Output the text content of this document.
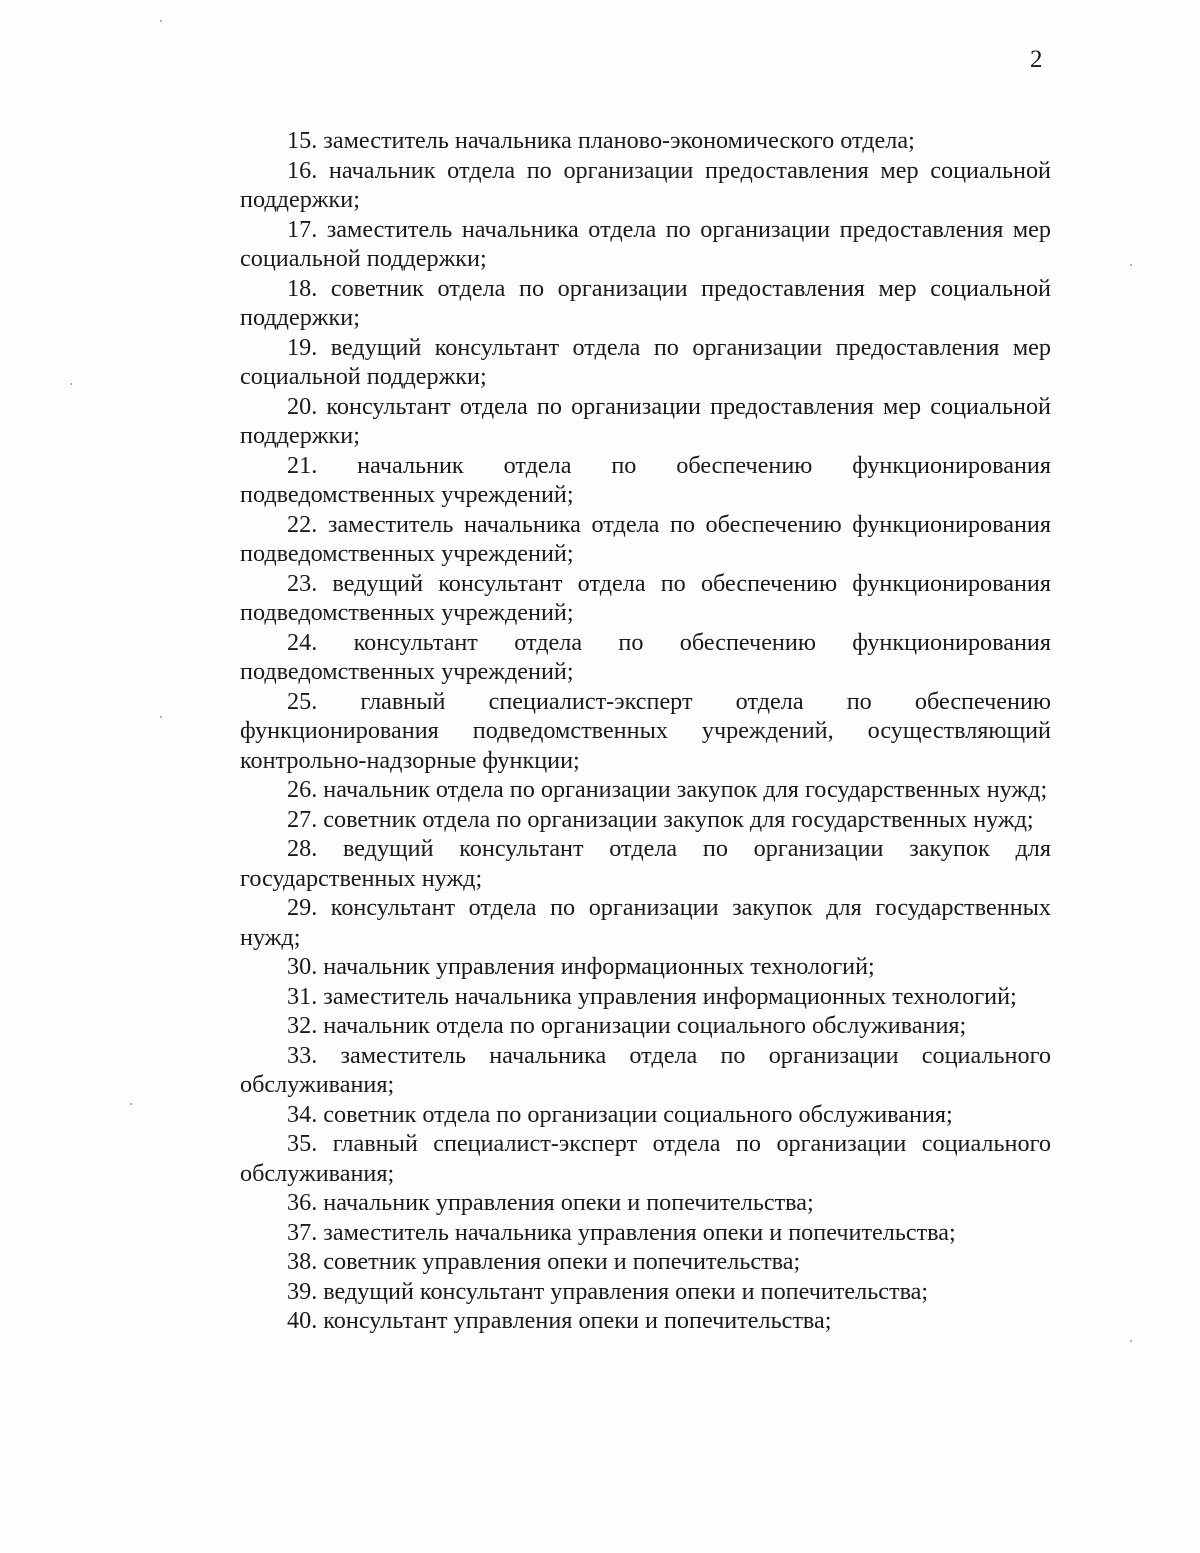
2

15. заместитель начальника планово-экономического отдела;

16. начальник отдела по организации предоставления мер социальной поддержки;

17. заместитель начальника отдела по организации предоставления мер социальной поддержки;

18. советник отдела по организации предоставления мер социальной поддержки;

19. ведущий консультант отдела по организации предоставления мер социальной поддержки;

20. консультант отдела по организации предоставления мер социальной поддержки;

21. начальник отдела по обеспечению функционирования подведомственных учреждений;

22. заместитель начальника отдела по обеспечению функционирования подведомственных учреждений;

23. ведущий консультант отдела по обеспечению функционирования подведомственных учреждений;

24. консультант отдела по обеспечению функционирования подведомственных учреждений;

25. главный специалист-эксперт отдела по обеспечению функционирования подведомственных учреждений, осуществляющий контрольно-надзорные функции;

26. начальник отдела по организации закупок для государственных нужд;

27. советник отдела по организации закупок для государственных нужд;

28. ведущий консультант отдела по организации закупок для государственных нужд;

29. консультант отдела по организации закупок для государственных нужд;

30. начальник управления информационных технологий;

31. заместитель начальника управления информационных технологий;

32. начальник отдела по организации социального обслуживания;

33. заместитель начальника отдела по организации социального обслуживания;

34. советник отдела по организации социального обслуживания;

35. главный специалист-эксперт отдела по организации социального обслуживания;

36. начальник управления опеки и попечительства;

37. заместитель начальника управления опеки и попечительства;

38. советник управления опеки и попечительства;

39. ведущий консультант управления опеки и попечительства;

40. консультант управления опеки и попечительства;
